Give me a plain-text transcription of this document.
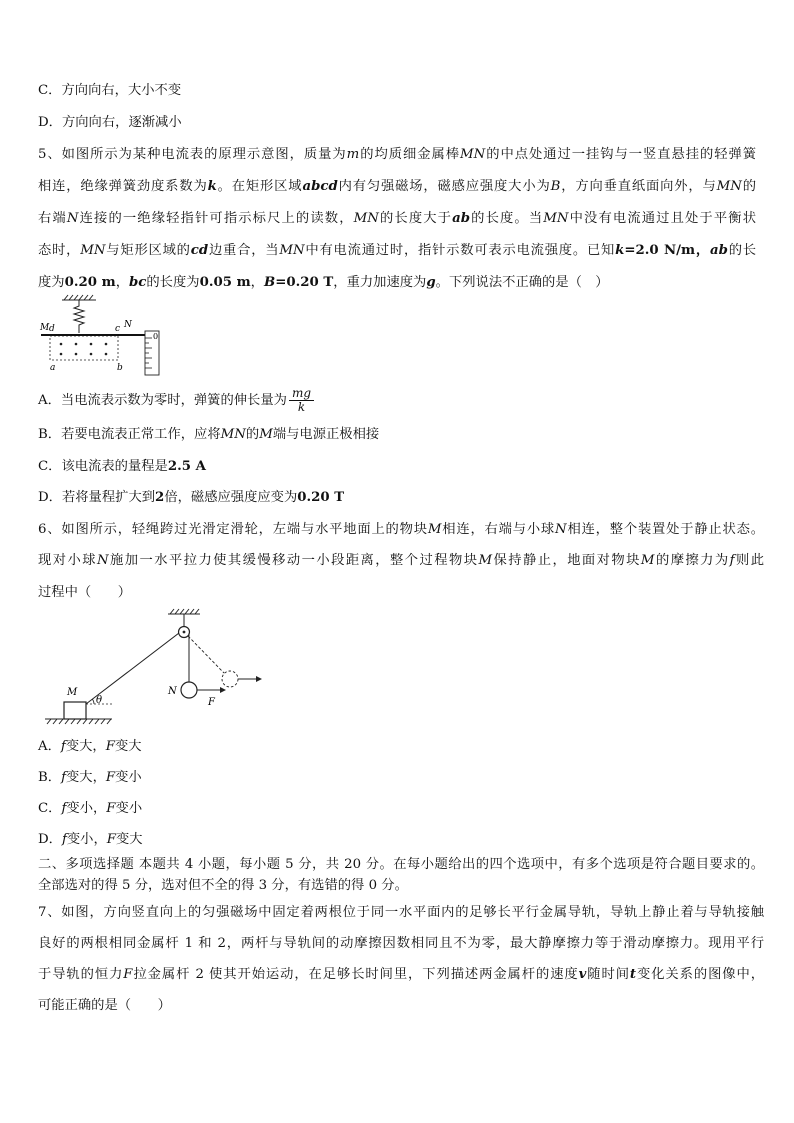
C．方向向右，大小不变
D．方向向右，逐渐减小
5、如图所示为某种电流表的原理示意图，质量为m的均质细金属棒MN的中点处通过一挂钩与一竖直悬挂的轻弹簧
相连，绝缘弹簧劲度系数为k。在矩形区域abcd内有匀强磁场，磁感应强度大小为B，方向垂直纸面向外，与MN的
右端N连接的一绝缘轻指针可指示标尺上的读数，MN的长度大于ab的长度。当MN中没有电流通过且处于平衡状
态时，MN与矩形区域的cd边重合，当MN中有电流通过时，指针示数可表示电流强度。已知k=2.0 N/m，ab的长
度为0.20 m，bc的长度为0.05 m，B=0.20 T，重力加速度为g。下列说法不正确的是（　）
M d	c N
a	b
0
A．当电流表示数为零时，弹簧的伸长量为 $\frac{mg}{k}$
B．若要电流表正常工作，应将MN的M端与电源正极相接
C．该电流表的量程是2.5 A
D．若将量程扩大到2倍，磁感应强度应变为0.20 T
6、如图所示，轻绳跨过光滑定滑轮，左端与水平地面上的物块M相连，右端与小球N相连，整个装置处于静止状态。
现对小球N施加一水平拉力使其缓慢移动一小段距离，整个过程物块M保持静止，地面对物块M的摩擦力为f则此
过程中（　　）
M
θ
N
F
A．f变大，F变大
B．f变大，F变小
C．f变小，F变小
D．f变小，F变大
二、多项选择题 本题共 4 小题，每小题 5 分，共 20 分。在每小题给出的四个选项中，有多个选项是符合题目要求的。
全部选对的得 5 分，选对但不全的得 3 分，有选错的得 0 分。
7、如图，方向竖直向上的匀强磁场中固定着两根位于同一水平面内的足够长平行金属导轨，导轨上静止着与导轨接触
良好的两根相同金属杆 1 和 2，两杆与导轨间的动摩擦因数相同且不为零，最大静摩擦力等于滑动摩擦力。现用平行
于导轨的恒力F拉金属杆 2 使其开始运动，在足够长时间里，下列描述两金属杆的速度v随时间t变化关系的图像中，
可能正确的是（　　）
